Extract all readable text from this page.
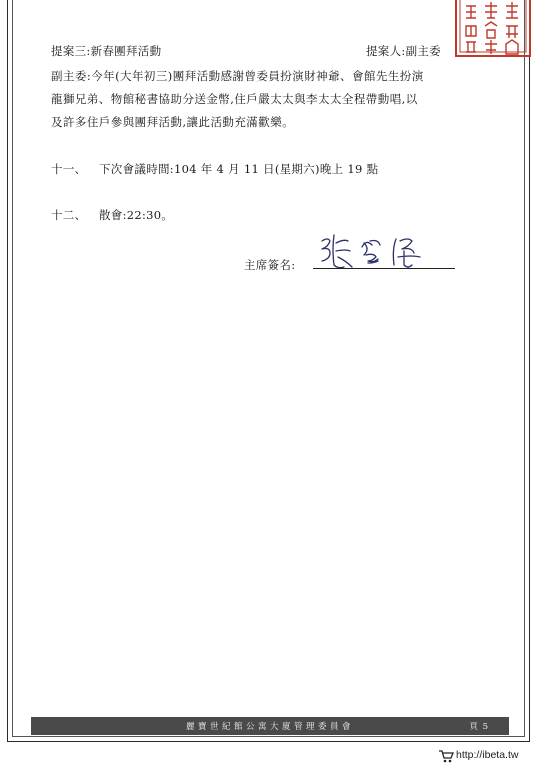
提案三:新春團拜活動	提案人:副主委
副主委:今年(大年初三)團拜活動感謝曾委員扮演財神爺、會館先生扮演
龍獅兄弟、物館秘書協助分送金幣,住戶嚴太太與李太太全程帶動唱,以
及許多住戶參與團拜活動,讓此活動充滿歡樂。
十一、 下次會議時間:104 年 4 月 11 日(星期六)晚上 19 點
十二、 散會:22:30。
主席簽名:
麗寶世紀館公寓大廈管理委員會	頁 5
http://ibeta.tw
